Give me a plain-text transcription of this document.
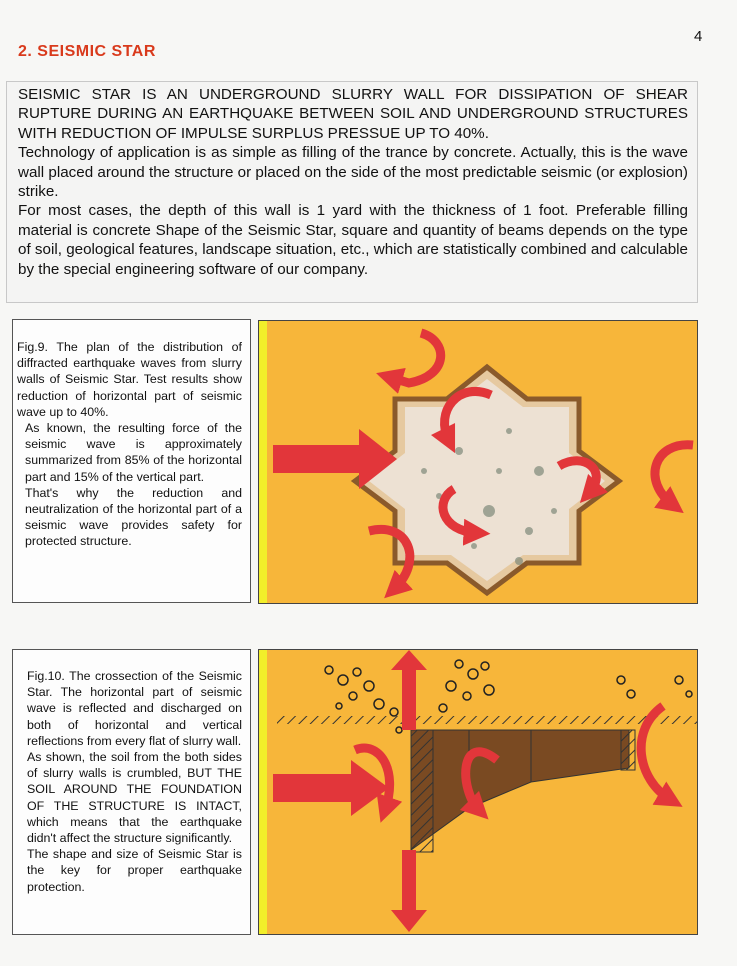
4
2. SEISMIC STAR

SEISMIC STAR IS AN UNDERGROUND SLURRY WALL FOR DISSIPATION OF SHEAR RUPTURE DURING AN EARTHQUAKE BETWEEN SOIL AND UNDERGROUND STRUCTURES WITH REDUCTION OF IMPULSE SURPLUS PRESSUE UP TO 40%.

Technology of application is as simple as filling of the trance by concrete. Actually, this is the wave wall placed around the structure or placed on the side of the most predictable seismic (or explosion) strike.

For most cases, the depth of this wall is 1 yard with the thickness of 1 foot. Preferable filling material is concrete Shape of the Seismic Star, square and quantity of beams depends on the type of soil, geological features, landscape situation, etc., which are statistically combined and calculable by the special engineering software of our company.

Fig.9. The plan of the distribution of diffracted earthquake waves from slurry walls of Seismic Star. Test results show reduction of horizontal part of seismic wave up to 40%.

As known, the resulting force of the seismic wave is approximately summarized from 85% of the horizontal part and 15% of the vertical part.

That's why the reduction and neutralization of the horizontal part of a seismic wave provides safety for protected structure.

Fig.10. The crossection of the Seismic Star. The horizontal part of seismic wave is reflected and discharged on both of horizontal and vertical reflections from every flat of slurry wall.

As shown, the soil from the both sides of slurry walls is crumbled, BUT THE SOIL AROUND THE FOUNDATION OF THE STRUCTURE IS INTACT, which means that the earthquake didn't affect the structure significantly.

The shape and size of Seismic Star is the key for proper earthquake protection.
